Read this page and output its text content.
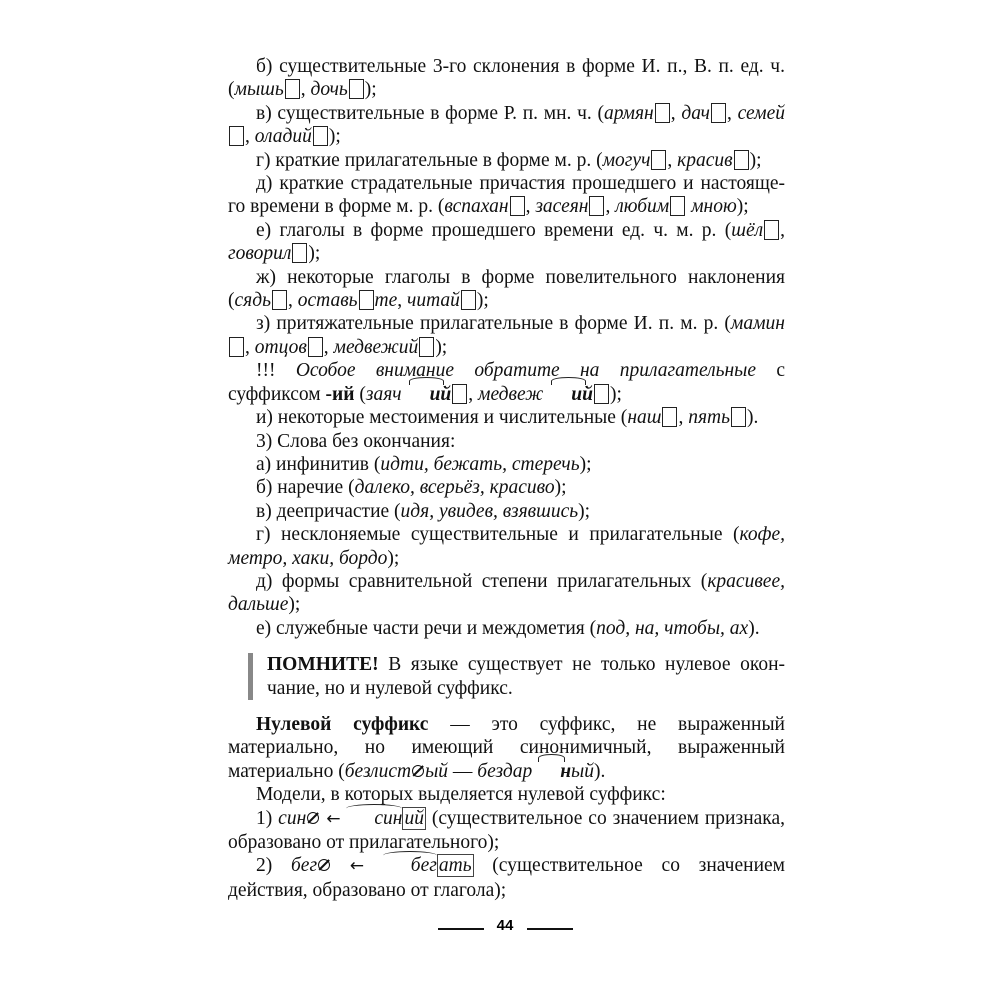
б) существительные 3-го склонения в форме И. п., В. п. ед. ч.

(мышь , дочь );

в) существительные в форме Р. п. мн. ч. (армян , дач , семей, оладий );

г) краткие прилагательные в форме м. р. (могуч , красив );

д) краткие страдательные причастия прошедшего и настояще-го времени в форме м. р. (вспахан , засеян , любим мною);

е) глаголы в форме прошедшего времени ед. ч. м. р. (шёл , говорил );

ж) некоторые глаголы в форме повелительного наклонения

(сядь , оставь те, читай );

з) притяжательные прилагательные в форме И. п. м. р. (мамин, отцов , медвежий );

!!! Особое внимание обратите на прилагательные с суффиксом -ий (заяч ий , медвеж ий );

и) некоторые местоимения и числительные (наш , пять ).

3) Слова без окончания:

а) инфинитив (идти, бежать, стеречь);

б) наречие (далеко, всерьёз, красиво);

в) деепричастие (идя, увидев, взявшись);

г) несклоняемые существительные и прилагательные (кофе, метро, хаки, бордо);

д) формы сравнительной степени прилагательных (красивее, дальше);

е) служебные части речи и междометия (под, на, чтобы, ах).

ПОМНИТЕ! В языке существует не только нулевое окон-чание, но и нулевой суффикс.

Нулевой суффикс — это суффикс, не выраженный материально, но имеющий синонимичный, выраженный материально (безлист ый — бездар ный).

Модели, в которых выделяется нулевой суффикс:

1) син ← син ий (существительное со значением признака, образовано от прилагательного);

2) бег ← бег ать (существительное со значением действия, образовано от глагола);

44
